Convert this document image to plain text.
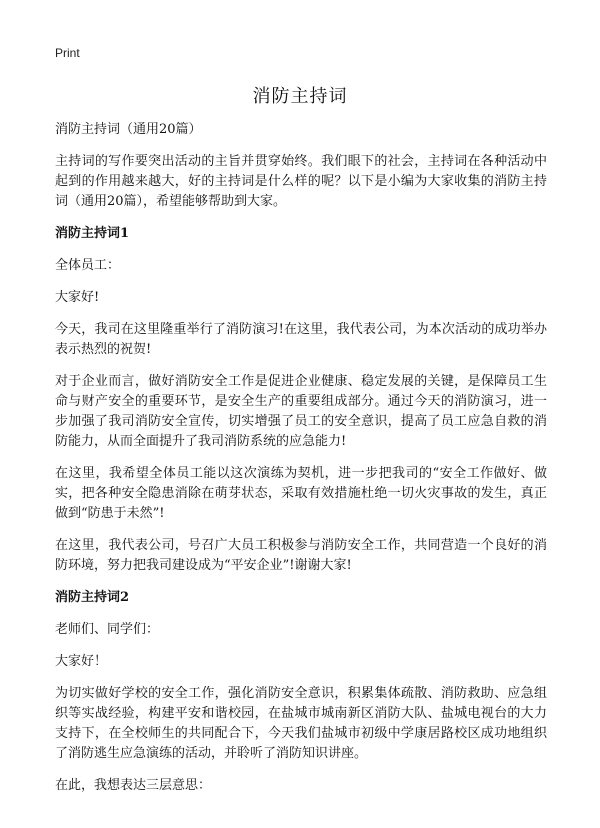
Print
消防主持词
消防主持词（通用20篇）

主持词的写作要突出活动的主旨并贯穿始终。我们眼下的社会，主持词在各种活动中起到的作用越来越大，好的主持词是什么样的呢？以下是小编为大家收集的消防主持词（通用20篇），希望能够帮助到大家。

消防主持词1

全体员工：

大家好!

今天，我司在这里隆重举行了消防演习!在这里，我代表公司，为本次活动的成功举办表示热烈的祝贺!

对于企业而言，做好消防安全工作是促进企业健康、稳定发展的关键，是保障员工生命与财产安全的重要环节，是安全生产的重要组成部分。通过今天的消防演习，进一步加强了我司消防安全宣传，切实增强了员工的安全意识，提高了员工应急自救的消防能力，从而全面提升了我司消防系统的应急能力!

在这里，我希望全体员工能以这次演练为契机，进一步把我司的“安全工作做好、做实，把各种安全隐患消除在萌芽状态，采取有效措施杜绝一切火灾事故的发生，真正做到“防患于未然”!

在这里，我代表公司，号召广大员工积极参与消防安全工作，共同营造一个良好的消防环境，努力把我司建设成为“平安企业”!谢谢大家!

消防主持词2

老师们、同学们：

大家好！

为切实做好学校的安全工作，强化消防安全意识，积累集体疏散、消防救助、应急组织等实战经验，构建平安和谐校园，在盐城市城南新区消防大队、盐城电视台的大力支持下，在全校师生的共同配合下，今天我们盐城市初级中学康居路校区成功地组织了消防逃生应急演练的活动，并聆听了消防知识讲座。

在此，我想表达三层意思：
